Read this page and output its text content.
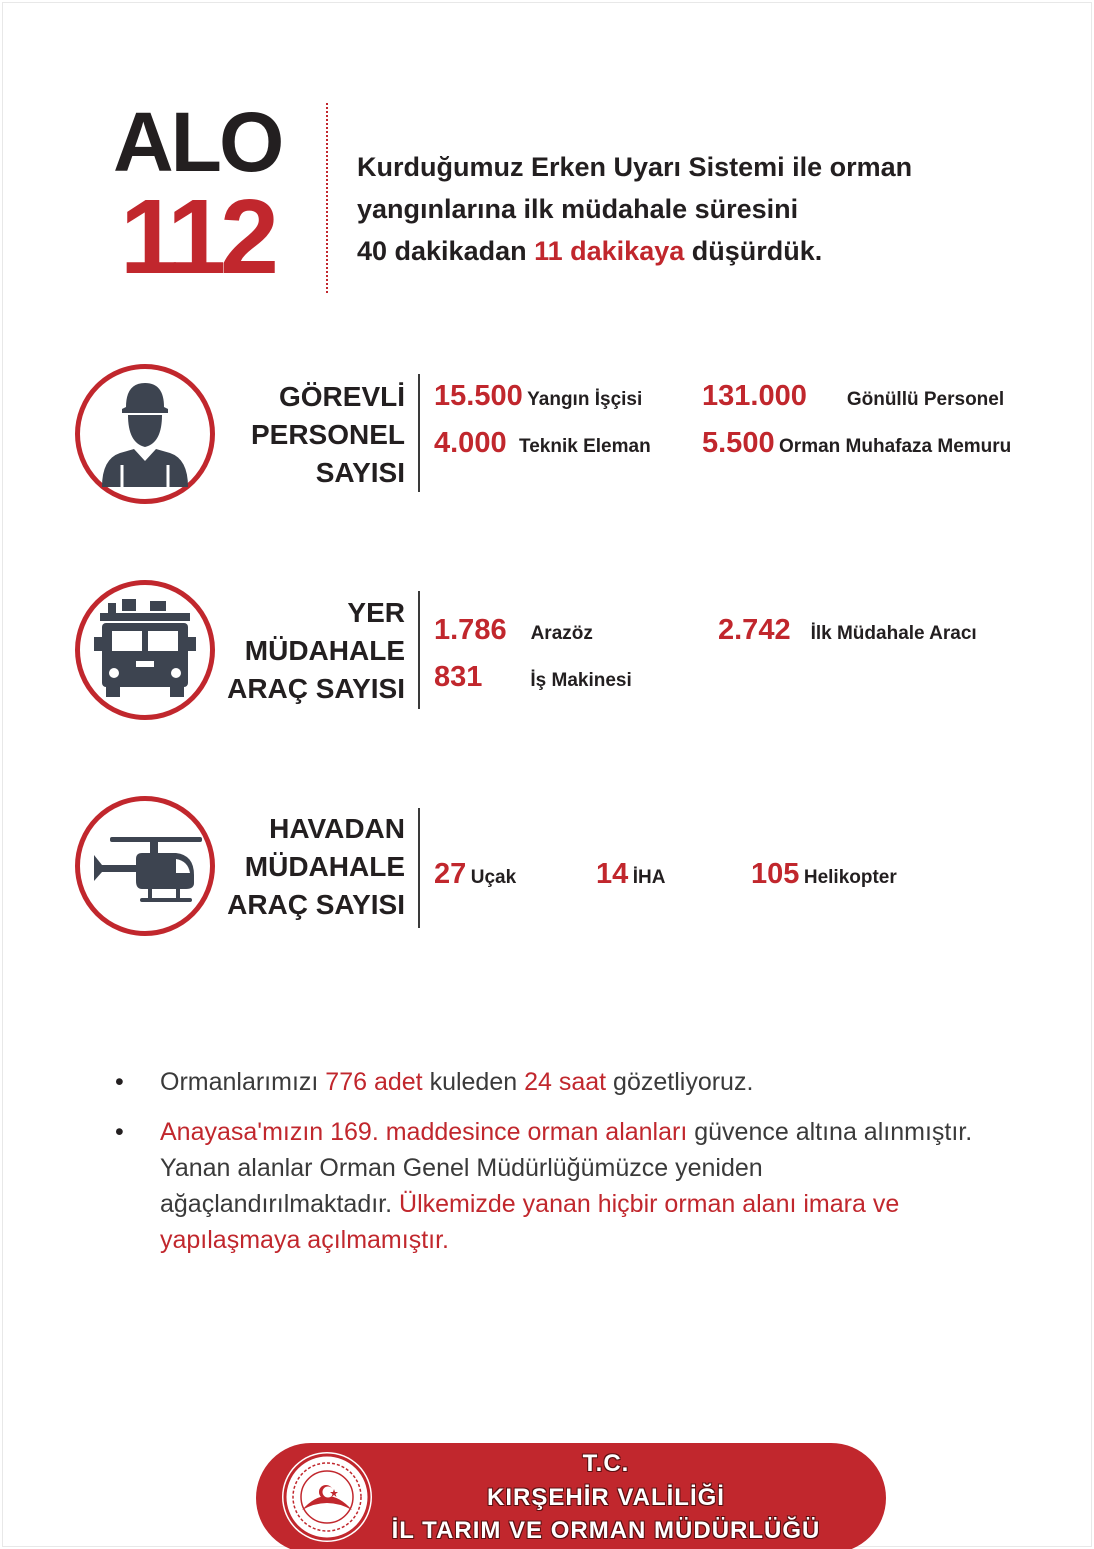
ALO
112
Kurduğumuz Erken Uyarı Sistemi ile orman
yangınlarına ilk müdahale süresini
40 dakikadan 11 dakikaya düşürdük.
GÖREVLİ
PERSONEL
SAYISI
15.500 Yangın İşçisi 131.000 Gönüllü Personel
4.000 Teknik Eleman 5.500 Orman Muhafaza Memuru
YER
MÜDAHALE
ARAÇ SAYISI
1.786 Arazöz	2.742 İlk Müdahale Aracı
831	İş Makinesi
HAVADAN
MÜDAHALE
ARAÇ SAYISI
27 Uçak	14 İHA	105 Helikopter
• Ormanlarımızı 776 adet kuleden 24 saat gözetliyoruz.
• Anayasa'mızın 169. maddesince orman alanları güvence altına alınmıştır. Yanan alanlar Orman Genel Müdürlüğümüzce yeniden ağaçlandırılmaktadır. Ülkemizde yanan hiçbir orman alanı imara ve yapılaşmaya açılmamıştır.
T.C.
KIRŞEHİR VALİLİĞİ
İL TARIM VE ORMAN MÜDÜRLÜĞÜ
